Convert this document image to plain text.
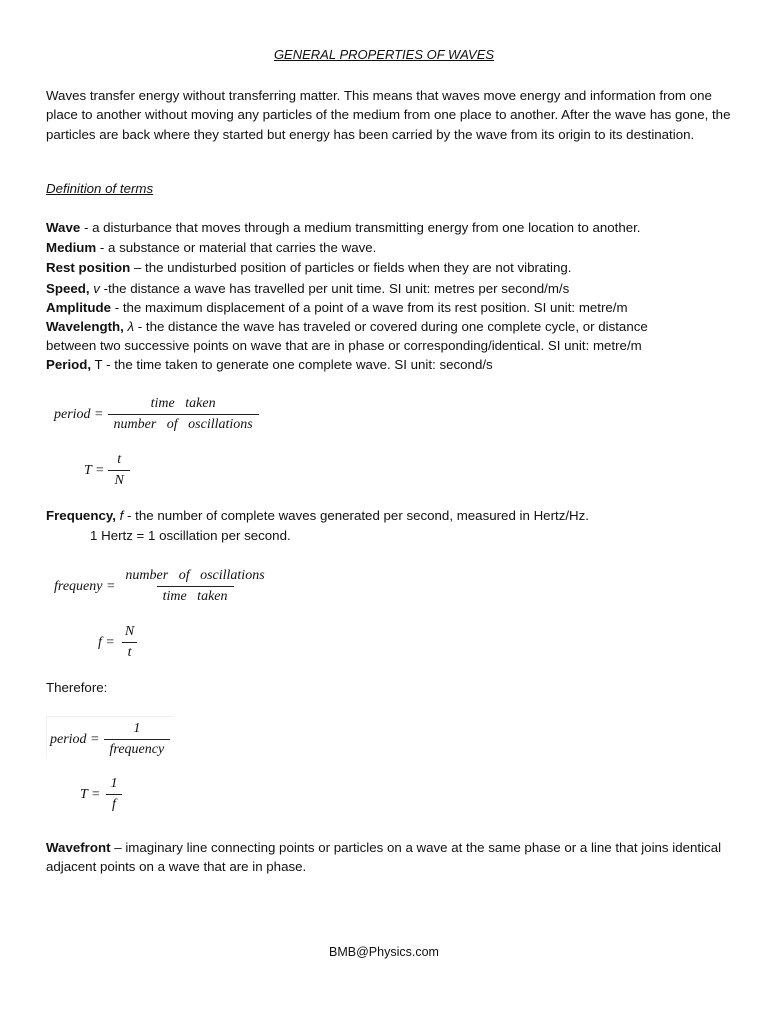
GENERAL PROPERTIES OF WAVES
Waves transfer energy without transferring matter. This means that waves move energy and information from one place to another without moving any particles of the medium from one place to another. After the wave has gone, the particles are back where they started but energy has been carried by the wave from its origin to its destination.
Definition of terms

Wave - a disturbance that moves through a medium transmitting energy from one location to another.

Medium - a substance or material that carries the wave.

Rest position – the undisturbed position of particles or fields when they are not vibrating.

Speed, v -the distance a wave has travelled per unit time. SI unit: metres per second/m/s

Amplitude - the maximum displacement of a point of a wave from its rest position. SI unit: metre/m

Wavelength, λ - the distance the wave has traveled or covered during one complete cycle, or distance

between two successive points on wave that are in phase or corresponding/identical. SI unit: metre/m

Period, T - the time taken to generate one complete wave. SI unit: second/s

period = $\frac{\text{time   taken}}{\text{number   of   oscillations}}$
$T = \frac{t}{N}$
Frequency, f - the number of complete waves generated per second, measured in Hertz/Hz.
1 Hertz = 1 oscillation per second.
frequeny = $\frac{\text{number   of   oscillations}}{\text{time   taken}}$
$f = \frac{N}{t}$
Therefore:
period = $\frac{1}{\text{frequency}}$
$T = \frac{1}{f}$
Wavefront – imaginary line connecting points or particles on a wave at the same phase or a line that joins identical adjacent points on a wave that are in phase.
BMB@Physics.com
